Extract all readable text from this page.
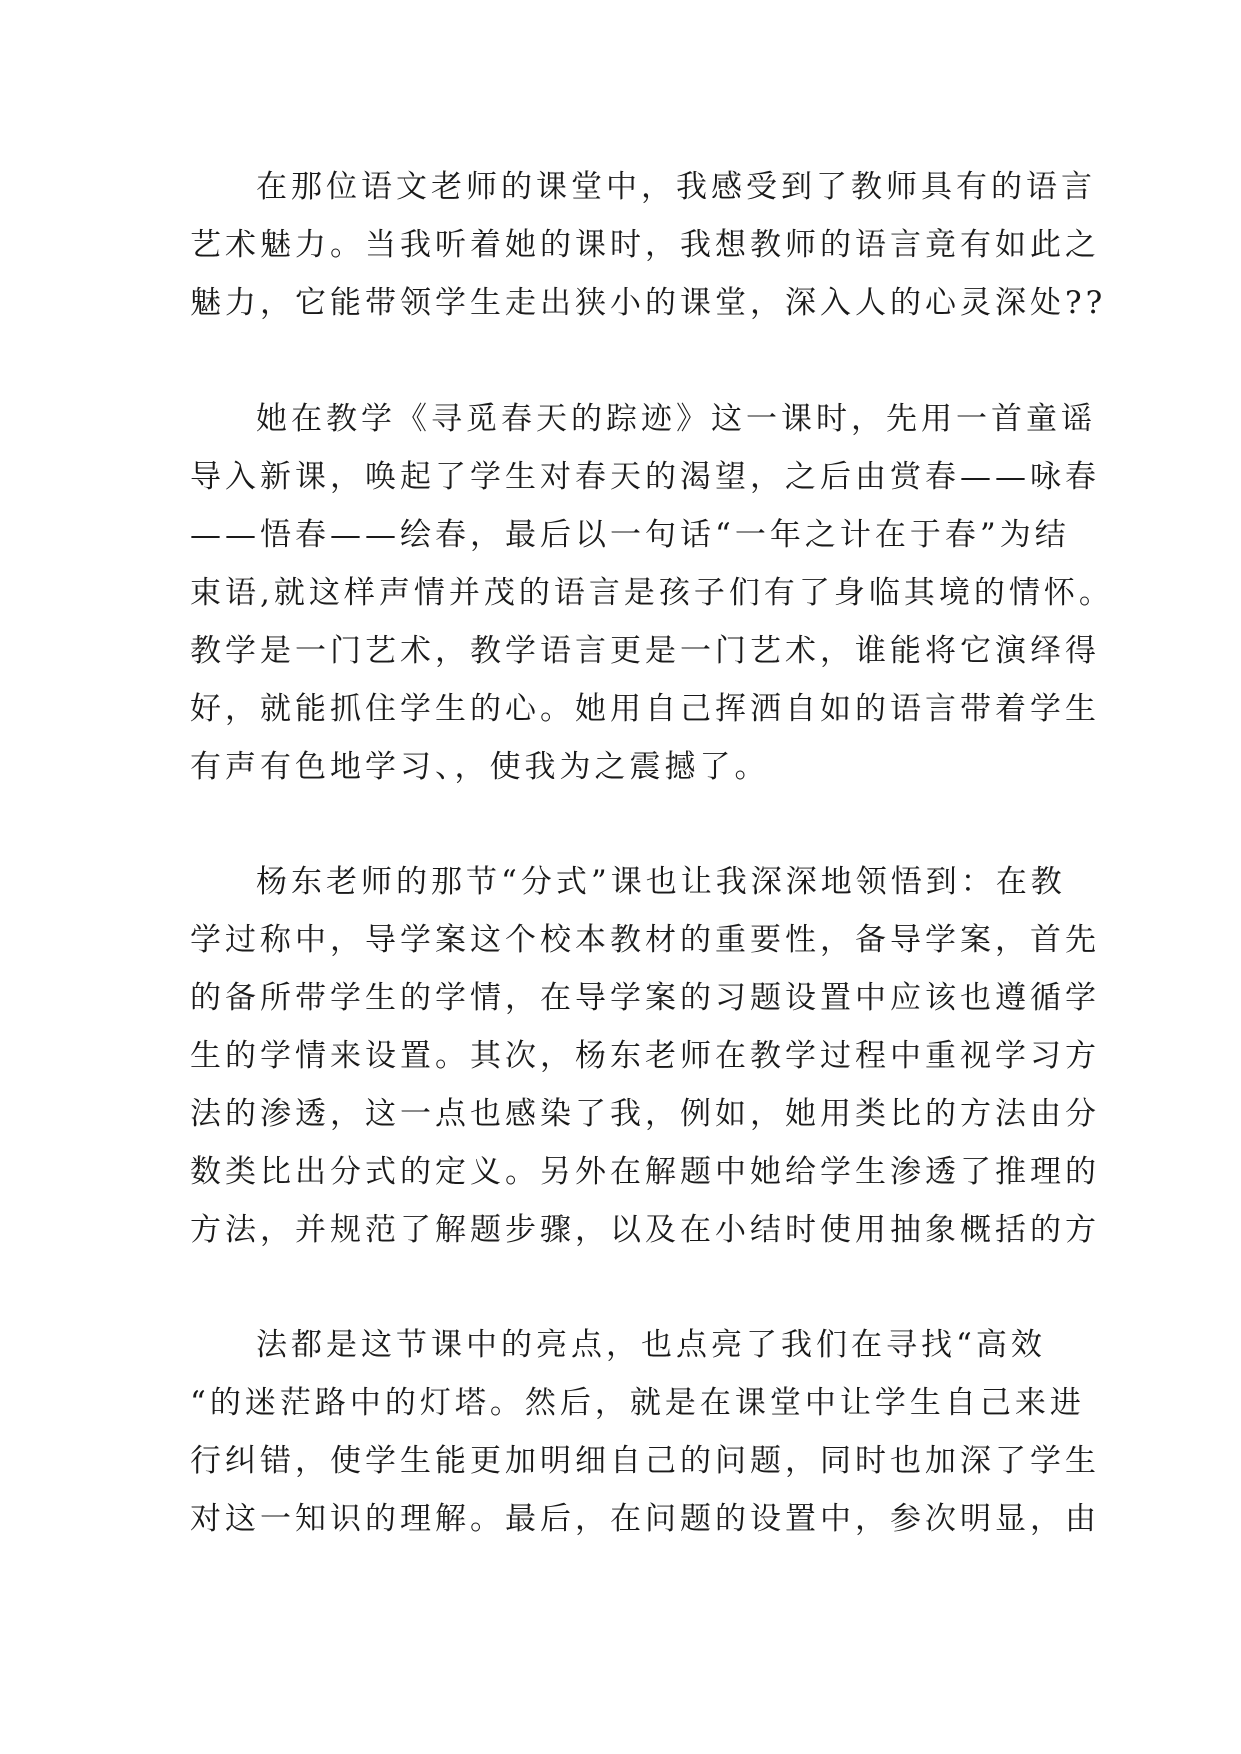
在那位语文老师的课堂中，我感受到了教师具有的语言
艺术魅力。当我听着她的课时，我想教师的语言竟有如此之
魅力，它能带领学生走出狭小的课堂，深入人的心灵深处??
她在教学《寻觅春天的踪迹》这一课时，先用一首童谣
导入新课，唤起了学生对春天的渴望，之后由赏春——咏春
——悟春——绘春，最后以一句话“一年之计在于春”为结
束语,就这样声情并茂的语言是孩子们有了身临其境的情怀。
教学是一门艺术，教学语言更是一门艺术，谁能将它演绎得
好，就能抓住学生的心。她用自己挥洒自如的语言带着学生
有声有色地学习、，使我为之震撼了。
杨东老师的那节“分式”课也让我深深地领悟到：在教
学过称中，导学案这个校本教材的重要性，备导学案，首先
的备所带学生的学情，在导学案的习题设置中应该也遵循学
生的学情来设置。其次，杨东老师在教学过程中重视学习方
法的渗透，这一点也感染了我，例如，她用类比的方法由分
数类比出分式的定义。另外在解题中她给学生渗透了推理的
方法，并规范了解题步骤，以及在小结时使用抽象概括的方
法都是这节课中的亮点，也点亮了我们在寻找“高效
“的迷茫路中的灯塔。然后，就是在课堂中让学生自己来进
行纠错，使学生能更加明细自己的问题，同时也加深了学生
对这一知识的理解。最后，在问题的设置中，参次明显，由
